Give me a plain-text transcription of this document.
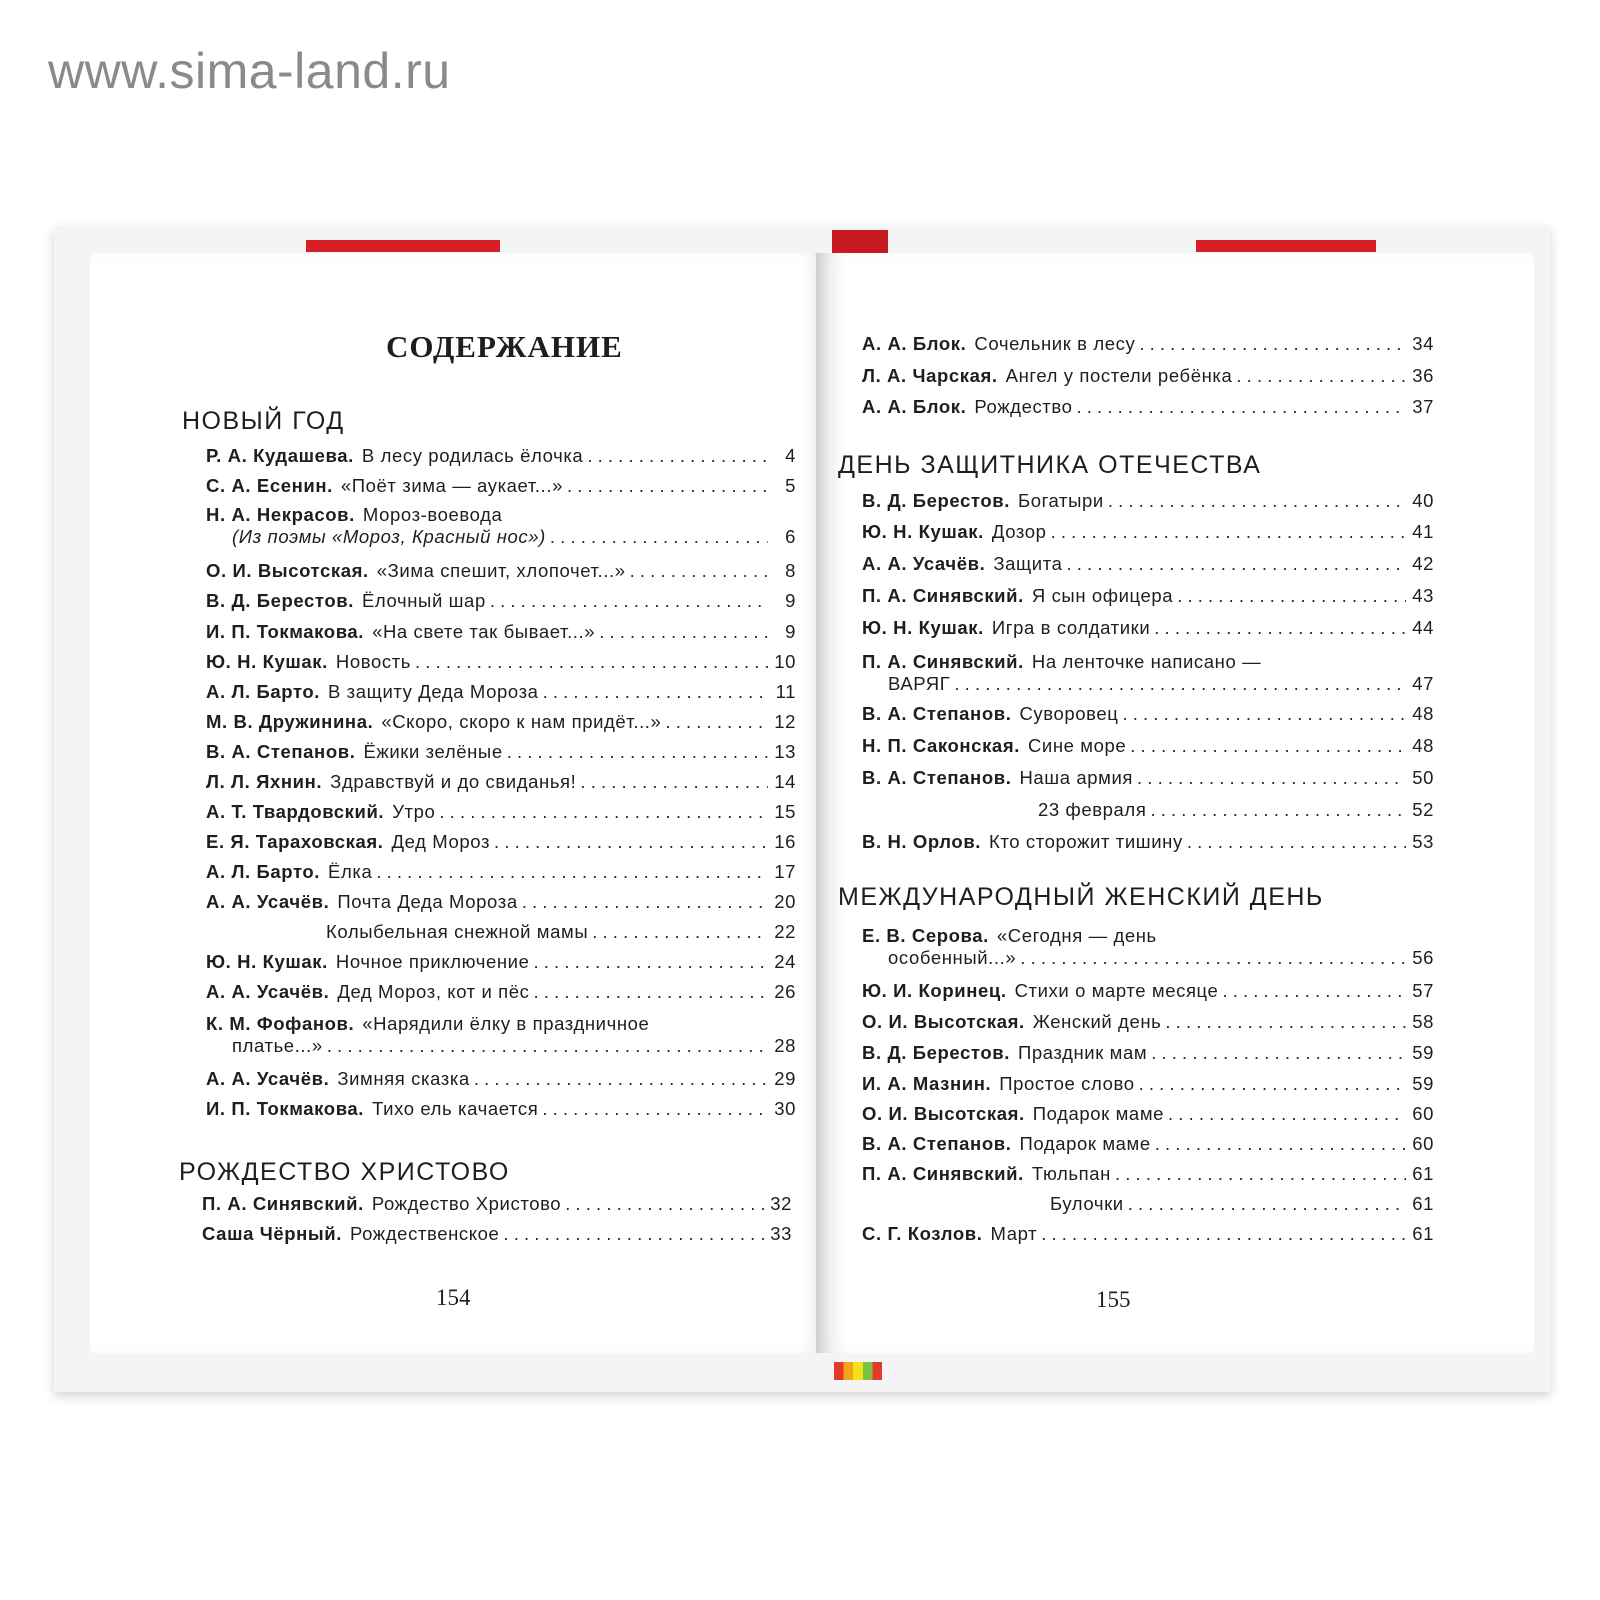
www.sima-land.ru
СОДЕРЖАНИЕ
НОВЫЙ ГОД
Р. А. Кудашева. В лесу родилась ёлочка . . .	4
С. А. Есенин. «Поёт зима — аукает...» . . .	5
Н. А. Некрасов. Мороз-воевода
(Из поэмы «Мороз, Красный нос») . . .	6
О. И. Высотская. «Зима спешит, хлопочет...» . . .	8
В. Д. Берестов. Ёлочный шар . . .	9
И. П. Токмакова. «На свете так бывает...» . . .	9
Ю. Н. Кушак. Новость . . .	10
А. Л. Барто. В защиту Деда Мороза . . .	11
М. В. Дружинина. «Скоро, скоро к нам придёт...» . . .	12
В. А. Степанов. Ёжики зелёные . . .	13
Л. Л. Яхнин. Здравствуй и до свиданья! . . .	14
А. Т. Твардовский. Утро . . .	15
Е. Я. Тараховская. Дед Мороз . . .	16
А. Л. Барто. Ёлка . . .	17
А. А. Усачёв. Почта Деда Мороза . . .	20
Колыбельная снежной мамы . . .	22
Ю. Н. Кушак. Ночное приключение . . .	24
А. А. Усачёв. Дед Мороз, кот и пёс . . .	26
К. М. Фофанов. «Нарядили ёлку в праздничное
платье...» . . .	28
А. А. Усачёв. Зимняя сказка . . .	29
И. П. Токмакова. Тихо ель качается . . .	30
РОЖДЕСТВО ХРИСТОВО
П. А. Синявский. Рождество Христово . . .	32
Саша Чёрный. Рождественское . . .	33
154
А. А. Блок. Сочельник в лесу . . .	34
Л. А. Чарская. Ангел у постели ребёнка . . .	36
А. А. Блок. Рождество . . .	37
ДЕНЬ ЗАЩИТНИКА ОТЕЧЕСТВА
В. Д. Берестов. Богатыри . . .	40
Ю. Н. Кушак. Дозор . . .	41
А. А. Усачёв. Защита . . .	42
П. А. Синявский. Я сын офицера . . .	43
Ю. Н. Кушак. Игра в солдатики . . .	44
П. А. Синявский. На ленточке написано —
ВАРЯГ . . .	47
В. А. Степанов. Суворовец . . .	48
Н. П. Саконская. Сине море . . .	48
В. А. Степанов. Наша армия . . .	50
23 февраля . . .	52
В. Н. Орлов. Кто сторожит тишину . . .	53
МЕЖДУНАРОДНЫЙ ЖЕНСКИЙ ДЕНЬ
Е. В. Серова. «Сегодня — день
особенный...» . . .	56
Ю. И. Коринец. Стихи о марте месяце . . .	57
О. И. Высотская. Женский день . . .	58
В. Д. Берестов. Праздник мам . . .	59
И. А. Мазнин. Простое слово . . .	59
О. И. Высотская. Подарок маме . . .	60
В. А. Степанов. Подарок маме . . .	60
П. А. Синявский. Тюльпан . . .	61
Булочки . . .	61
С. Г. Козлов. Март . . .	61
155
